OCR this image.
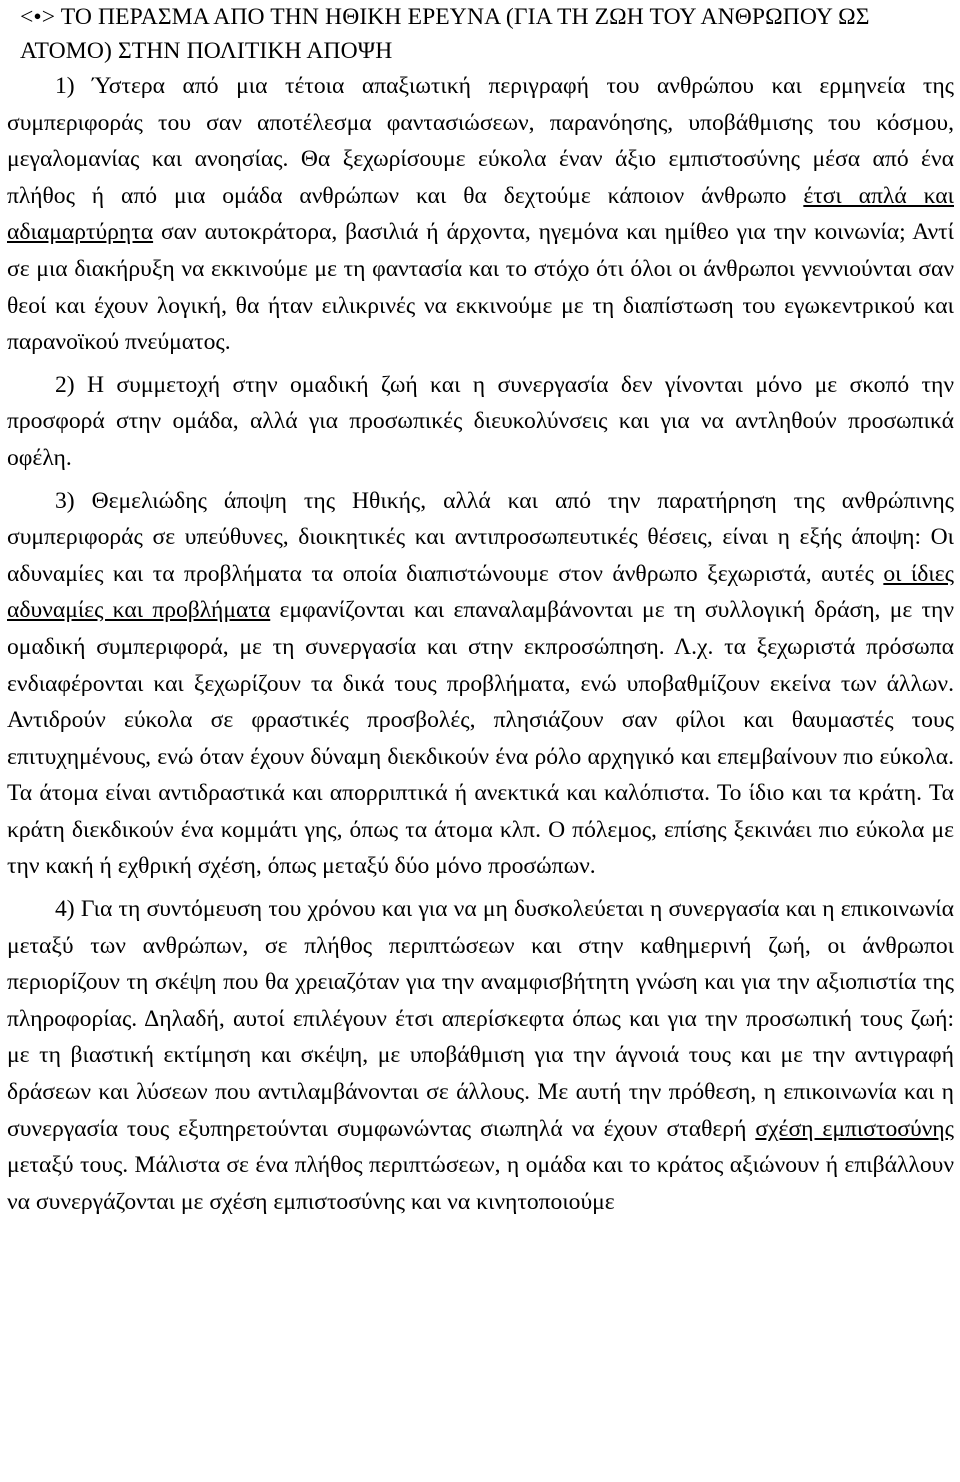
<•> ΤΟ ΠΕΡΑΣΜΑ ΑΠΟ ΤΗΝ ΗΘΙΚΗ ΕΡΕΥΝΑ (ΓΙΑ ΤΗ ΖΩΗ ΤΟΥ ΑΝΘΡΩΠΟΥ ΩΣ ΑΤΟΜΟ) ΣΤΗΝ ΠΟΛΙΤΙΚΗ ΑΠΟΨΗ

1) Ύστερα από μια τέτοια απαξιωτική περιγραφή του ανθρώπου και ερμηνεία της συμπεριφοράς του σαν αποτέλεσμα φαντασιώσεων, παρανόησης, υποβάθμισης του κόσμου, μεγαλομανίας και ανοησίας. Θα ξεχωρίσουμε εύκολα έναν άξιο εμπιστοσύνης μέσα από ένα πλήθος ή από μια ομάδα ανθρώπων και θα δεχτούμε κάποιον άνθρωπο έτσι απλά και αδιαμαρτύρητα σαν αυτοκράτορα, βασιλιά ή άρχοντα, ηγεμόνα και ημίθεο για την κοινωνία; Αντί σε μια διακήρυξη να εκκινούμε με τη φαντασία και το στόχο ότι όλοι οι άνθρωποι γεννιούνται σαν θεοί και έχουν λογική, θα ήταν ειλικρινές να εκκινούμε με τη διαπίστωση του εγωκεντρικού και παρανοϊκού πνεύματος.

2) Η συμμετοχή στην ομαδική ζωή και η συνεργασία δεν γίνονται μόνο με σκοπό την προσφορά στην ομάδα, αλλά για προσωπικές διευκολύνσεις και για να αντληθούν προσωπικά οφέλη.

3) Θεμελιώδης άποψη της Ηθικής, αλλά και από την παρατήρηση της ανθρώπινης συμπεριφοράς σε υπεύθυνες, διοικητικές και αντιπροσωπευτικές θέσεις, είναι η εξής άποψη: Οι αδυναμίες και τα προβλήματα τα οποία διαπιστώνουμε στον άνθρωπο ξεχωριστά, αυτές οι ίδιες αδυναμίες και προβλήματα εμφανίζονται και επαναλαμβάνονται με τη συλλογική δράση, με την ομαδική συμπεριφορά, με τη συνεργασία και στην εκπροσώπηση. Λ.χ. τα ξεχωριστά πρόσωπα ενδιαφέρονται και ξεχωρίζουν τα δικά τους προβλήματα, ενώ υποβαθμίζουν εκείνα των άλλων. Αντιδρούν εύκολα σε φραστικές προσβολές, πλησιάζουν σαν φίλοι και θαυμαστές τους επιτυχημένους, ενώ όταν έχουν δύναμη διεκδικούν ένα ρόλο αρχηγικό και επεμβαίνουν πιο εύκολα. Τα άτομα είναι αντιδραστικά και απορριπτικά ή ανεκτικά και καλόπιστα. Το ίδιο και τα κράτη. Τα κράτη διεκδικούν ένα κομμάτι γης, όπως τα άτομα κλπ. Ο πόλεμος, επίσης ξεκινάει πιο εύκολα με την κακή ή εχθρική σχέση, όπως μεταξύ δύο μόνο προσώπων.

4) Για τη συντόμευση του χρόνου και για να μη δυσκολεύεται η συνεργασία και η επικοινωνία μεταξύ των ανθρώπων, σε πλήθος περιπτώσεων και στην καθημερινή ζωή, οι άνθρωποι περιορίζουν τη σκέψη που θα χρειαζόταν για την αναμφισβήτητη γνώση και για την αξιοπιστία της πληροφορίας. Δηλαδή, αυτοί επιλέγουν έτσι απερίσκεφτα όπως και για την προσωπική τους ζωή: με τη βιαστική εκτίμηση και σκέψη, με υποβάθμιση για την άγνοιά τους και με την αντιγραφή δράσεων και λύσεων που αντιλαμβάνονται σε άλλους. Με αυτή την πρόθεση, η επικοινωνία και η συνεργασία τους εξυπηρετούνται συμφωνώντας σιωπηλά να έχουν σταθερή σχέση εμπιστοσύνης μεταξύ τους. Μάλιστα σε ένα πλήθος περιπτώσεων, η ομάδα και το κράτος αξιώνουν ή επιβάλλουν να συνεργάζονται με σχέση εμπιστοσύνης και να κινητοποιούμε
